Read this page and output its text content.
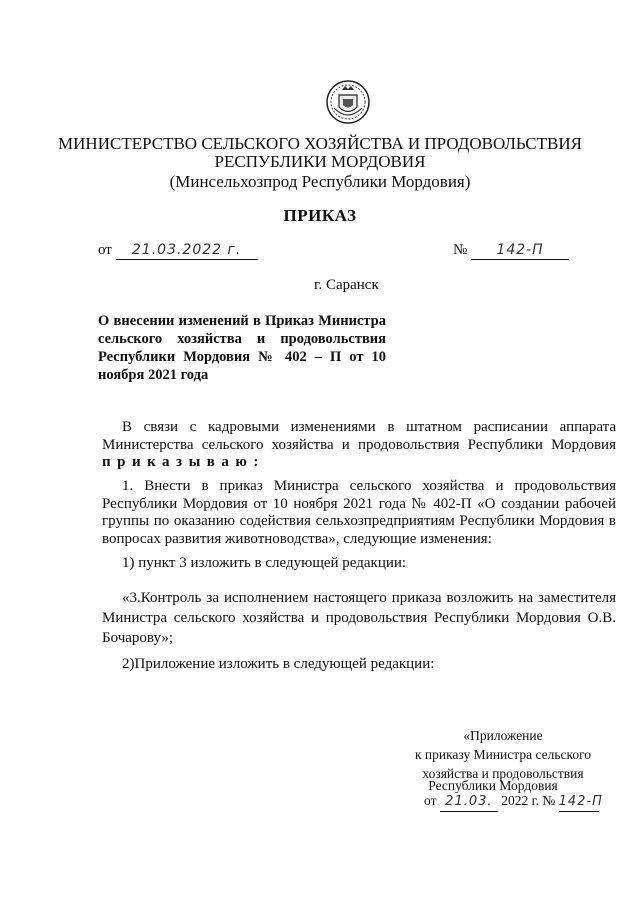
МИНИСТЕРСТВО СЕЛЬСКОГО ХОЗЯЙСТВА И ПРОДОВОЛЬСТВИЯ
РЕСПУБЛИКИ МОРДОВИЯ
(Минсельхозпрод Республики Мордовия)
ПРИКАЗ
от 21.03.2022 г.	№ 142-П
г. Саранск
О внесении изменений в Приказ Министра сельского хозяйства и продовольствия Республики Мордовия № 402 – П от 10 ноября 2021 года
В связи с кадровыми изменениями в штатном расписании аппарата Министерства сельского хозяйства и продовольствия Республики Мордовия приказываю:
1. Внести в приказ Министра сельского хозяйства и продовольствия Республики Мордовия от 10 ноября 2021 года № 402-П «О создании рабочей группы по оказанию содействия сельхозпредприятиям Республики Мордовия в вопросах развития животноводства», следующие изменения:
1) пункт 3 изложить в следующей редакции:
«3.Контроль за исполнением настоящего приказа возложить на заместителя Министра сельского хозяйства и продовольствия Республики Мордовия О.В. Бочарову»;
2)Приложение изложить в следующей редакции:
«Приложение
к приказу Министра сельского
хозяйства и продовольствия
Республики Мордовия
от 21.03. 2022 г. № 142-П
